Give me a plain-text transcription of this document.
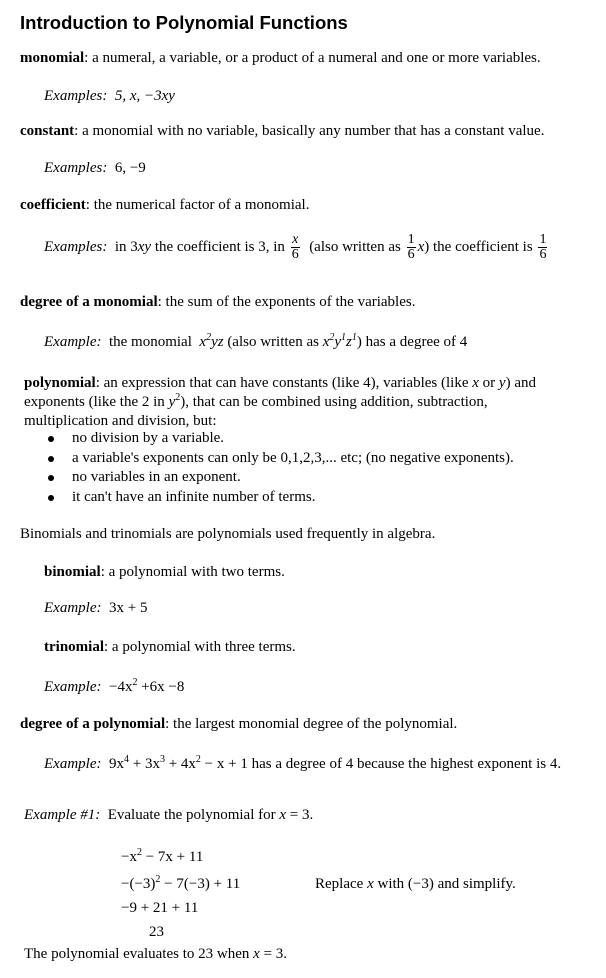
Introduction to Polynomial Functions
monomial: a numeral, a variable, or a product of a numeral and one or more variables.
Examples: 5, x, −3xy
constant: a monomial with no variable, basically any number that has a constant value.
Examples: 6, −9
coefficient: the numerical factor of a monomial.
Examples: in 3xy the coefficient is 3, in $\frac{x}{6}$ (also written as $\frac{1}{6} x$) the coefficient is $\frac{1}{6}$
degree of a monomial: the sum of the exponents of the variables.
Example: the monomial $x^2yz$ (also written as $x^2y^1z^1$) has a degree of 4
polynomial: an expression that can have constants (like 4), variables (like x or y) and
exponents (like the 2 in $y^2$), that can be combined using addition, subtraction,
multiplication and division, but:
no division by a variable.
a variable's exponents can only be 0,1,2,3,... etc; (no negative exponents).
no variables in an exponent.
it can't have an infinite number of terms.
Binomials and trinomials are polynomials used frequently in algebra.
binomial: a polynomial with two terms.
Example: 3x + 5
trinomial: a polynomial with three terms.
Example: $-4x^2 +6x -8$
degree of a polynomial: the largest monomial degree of the polynomial.
Example: $9x^4 + 3x^3 + 4x^2 - x + 1$ has a degree of 4 because the highest exponent is 4.
Example #1: Evaluate the polynomial for x = 3.
$-x^2 - 7x + 11$
$-(-3)^2 - 7(-3) + 11$	Replace x with (−3) and simplify.
−9 + 21 + 11
23
The polynomial evaluates to 23 when x = 3.
